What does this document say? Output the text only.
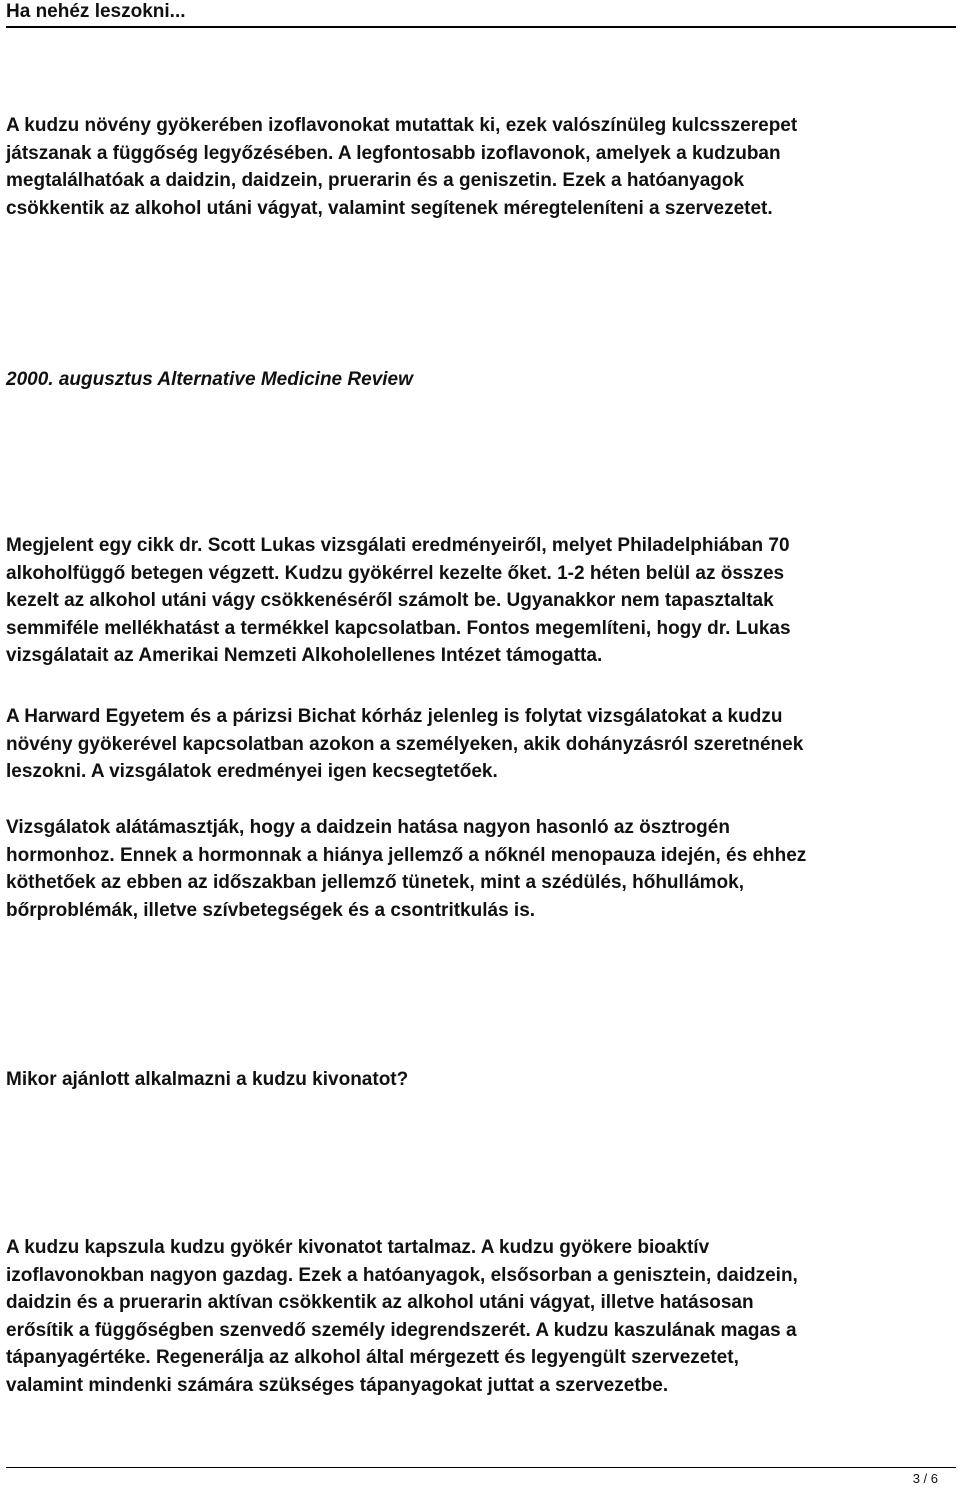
Ha nehéz leszokni...

A kudzu növény gyökerében izoflavonokat mutattak ki, ezek valószínüleg kulcsszerepet
játszanak a függőség legyőzésében. A legfontosabb izoflavonok, amelyek a kudzuban
megtalálhatóak a daidzin, daidzein, pruerarin és a geniszetin. Ezek a hatóanyagok
csökkentik az alkohol utáni vágyat, valamint segítenek méregteleníteni a szervezetet.

2000. augusztus Alternative Medicine Review

Megjelent egy cikk dr. Scott Lukas vizsgálati eredményeiről, melyet Philadelphiában 70
alkoholfüggő betegen végzett. Kudzu gyökérrel kezelte őket. 1-2 héten belül az összes
kezelt az alkohol utáni vágy csökkenéséről számolt be. Ugyanakkor nem tapasztaltak
semmiféle mellékhatást a termékkel kapcsolatban. Fontos megemlíteni, hogy dr. Lukas
vizsgálatait az Amerikai Nemzeti Alkoholellenes Intézet támogatta.

A Harward Egyetem és a párizsi Bichat kórház jelenleg is folytat vizsgálatokat a kudzu
növény gyökerével kapcsolatban azokon a személyeken, akik dohányzásról szeretnének
leszokni. A vizsgálatok eredményei igen kecsegtetőek.

Vizsgálatok alátámasztják, hogy a daidzein hatása nagyon hasonló az ösztrogén
hormonhoz. Ennek a hormonnak a hiánya jellemző a nőknél menopauza idején, és ehhez
köthetőek az ebben az időszakban jellemző tünetek, mint a szédülés, hőhullámok,
bőrproblémák, illetve szívbetegségek és a csontritkulás is.

Mikor ajánlott alkalmazni a kudzu kivonatot?

A kudzu kapszula kudzu gyökér kivonatot tartalmaz. A kudzu gyökere bioaktív
izoflavonokban nagyon gazdag. Ezek a hatóanyagok, elsősorban a genisztein, daidzein,
daidzin és a pruerarin aktívan csökkentik az alkohol utáni vágyat, illetve hatásosan
erősítik a függőségben szenvedő személy idegrendszerét. A kudzu kaszulának magas a
tápanyagértéke. Regenerálja az alkohol által mérgezett és legyengült szervezetet,
valamint mindenki számára szükséges tápanyagokat juttat a szervezetbe.

3 / 6
